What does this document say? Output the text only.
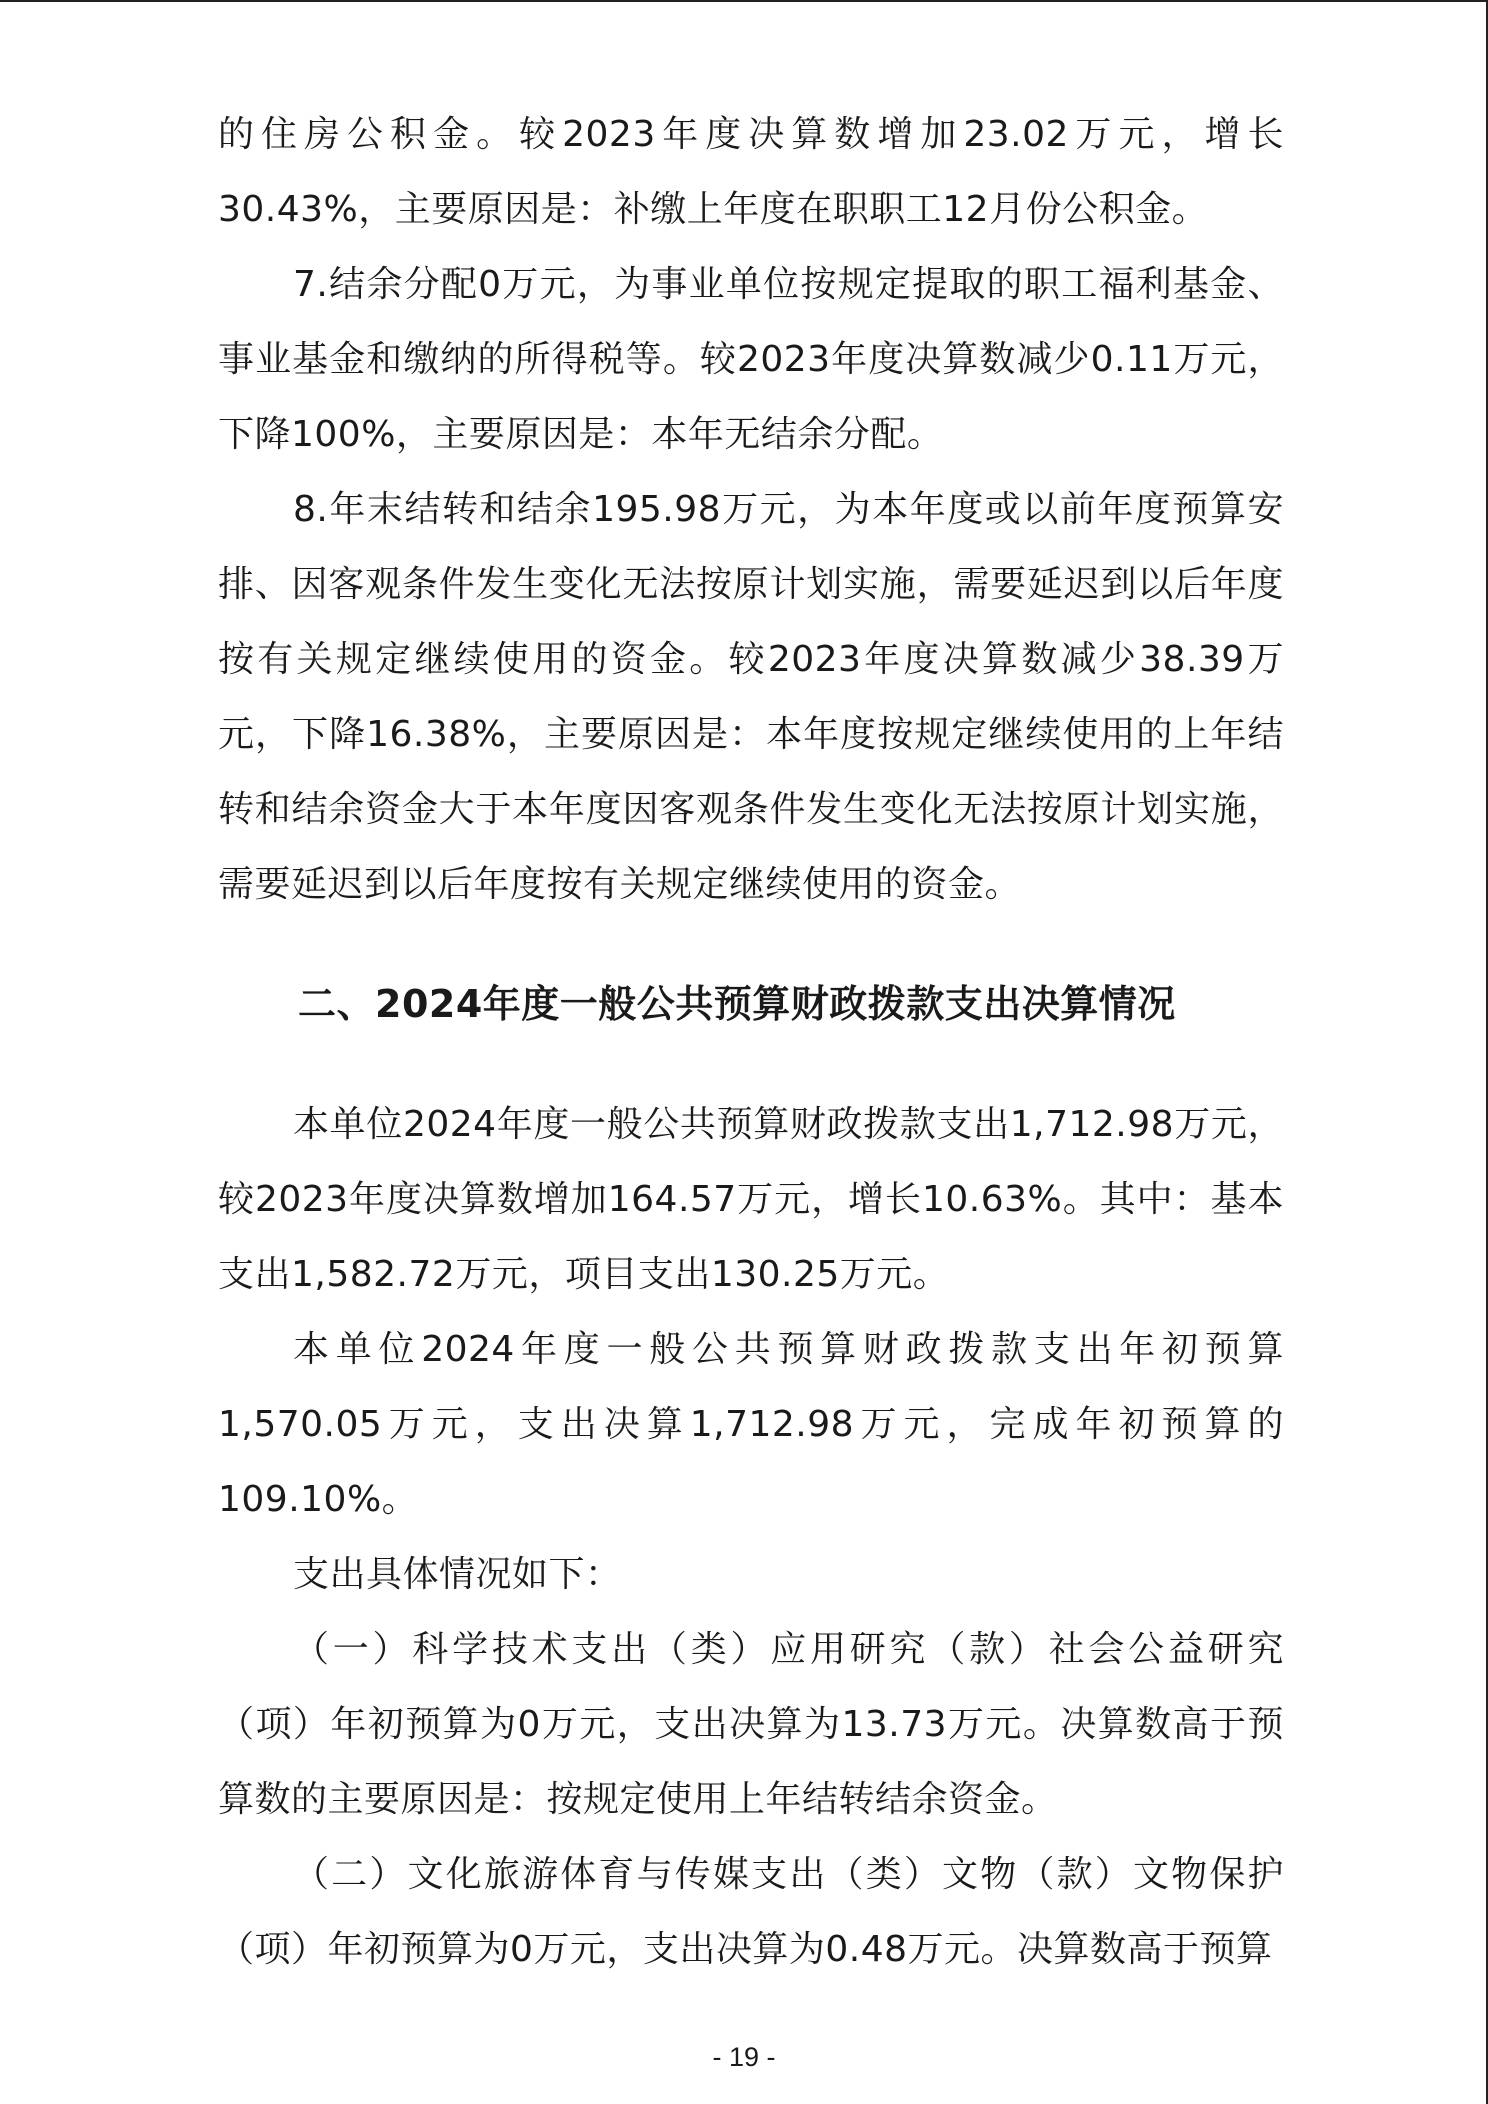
的住房公积金。较2023年度决算数增加23.02万元，增长30.43%，主要原因是：补缴上年度在职职工12月份公积金。

7.结余分配0万元，为事业单位按规定提取的职工福利基金、事业基金和缴纳的所得税等。较2023年度决算数减少0.11万元，下降100%，主要原因是：本年无结余分配。

8.年末结转和结余195.98万元，为本年度或以前年度预算安排、因客观条件发生变化无法按原计划实施，需要延迟到以后年度按有关规定继续使用的资金。较2023年度决算数减少38.39万元，下降16.38%，主要原因是：本年度按规定继续使用的上年结转和结余资金大于本年度因客观条件发生变化无法按原计划实施，需要延迟到以后年度按有关规定继续使用的资金。

二、2024年度一般公共预算财政拨款支出决算情况

本单位2024年度一般公共预算财政拨款支出1,712.98万元，较2023年度决算数增加164.57万元，增长10.63%。其中：基本支出1,582.72万元，项目支出130.25万元。

本单位2024年度一般公共预算财政拨款支出年初预算1,570.05万元，支出决算1,712.98万元，完成年初预算的109.10%。

支出具体情况如下：

（一）科学技术支出（类）应用研究（款）社会公益研究（项）年初预算为0万元，支出决算为13.73万元。决算数高于预算数的主要原因是：按规定使用上年结转结余资金。

（二）文化旅游体育与传媒支出（类）文物（款）文物保护（项）年初预算为0万元，支出决算为0.48万元。决算数高于预算

- 19 -
